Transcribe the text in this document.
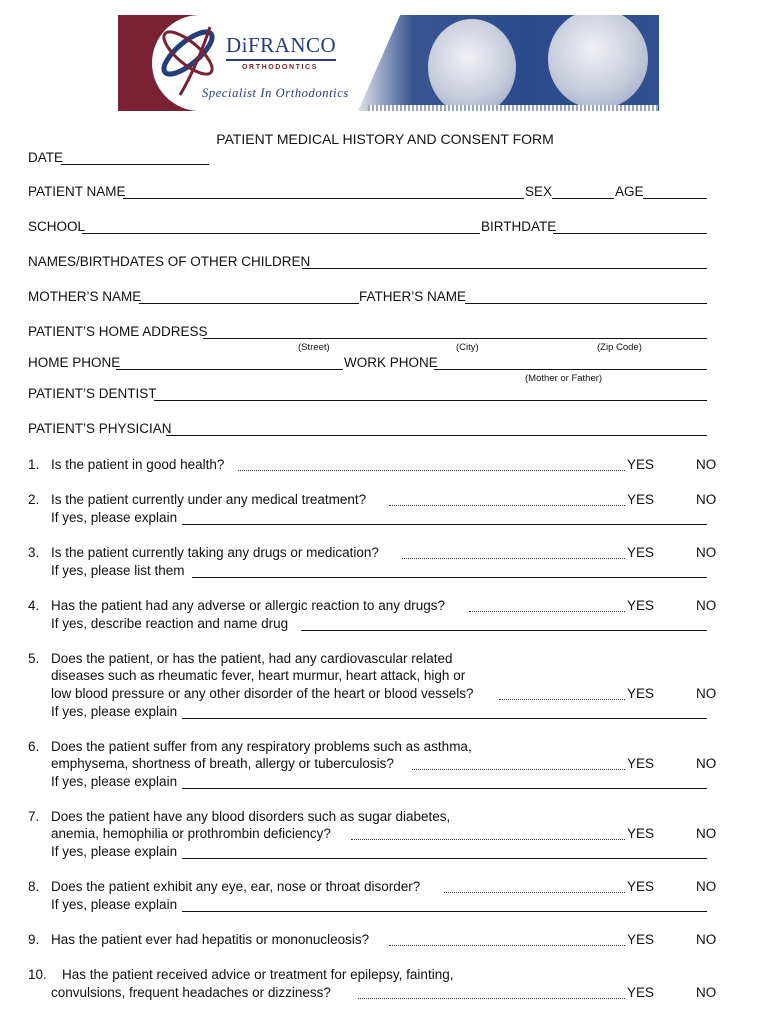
DiFRANCO
ORTHODONTICS
Specialist In Orthodontics
PATIENT MEDICAL HISTORY AND CONSENT FORM
DATE
PATIENT NAME	SEX	AGE
SCHOOL	BIRTHDATE
NAMES/BIRTHDATES OF OTHER CHILDREN
MOTHER’S NAME	FATHER’S NAME
PATIENT’S HOME ADDRESS
(Street)	(City)	(Zip Code)
HOME PHONE	WORK PHONE
(Mother or Father)
PATIENT’S DENTIST
PATIENT’S PHYSICIAN
1. Is the patient in good health?	YES	NO
2. Is the patient currently under any medical treatment?	YES	NO
If yes, please explain
3. Is the patient currently taking any drugs or medication?	YES	NO
If yes, please list them
4. Has the patient had any adverse or allergic reaction to any drugs?	YES	NO
If yes, describe reaction and name drug
5. Does the patient, or has the patient, had any cardiovascular related
diseases such as rheumatic fever, heart murmur, heart attack, high or
low blood pressure or any other disorder of the heart or blood vessels?	YES	NO
If yes, please explain
6. Does the patient suffer from any respiratory problems such as asthma,
emphysema, shortness of breath, allergy or tuberculosis?	YES	NO
If yes, please explain
7. Does the patient have any blood disorders such as sugar diabetes,
anemia, hemophilia or prothrombin deficiency?	YES	NO
If yes, please explain
8. Does the patient exhibit any eye, ear, nose or throat disorder?	YES	NO
If yes, please explain
9. Has the patient ever had hepatitis or mononucleosis?	YES	NO
10. Has the patient received advice or treatment for epilepsy, fainting,
convulsions, frequent headaches or dizziness?	YES	NO
